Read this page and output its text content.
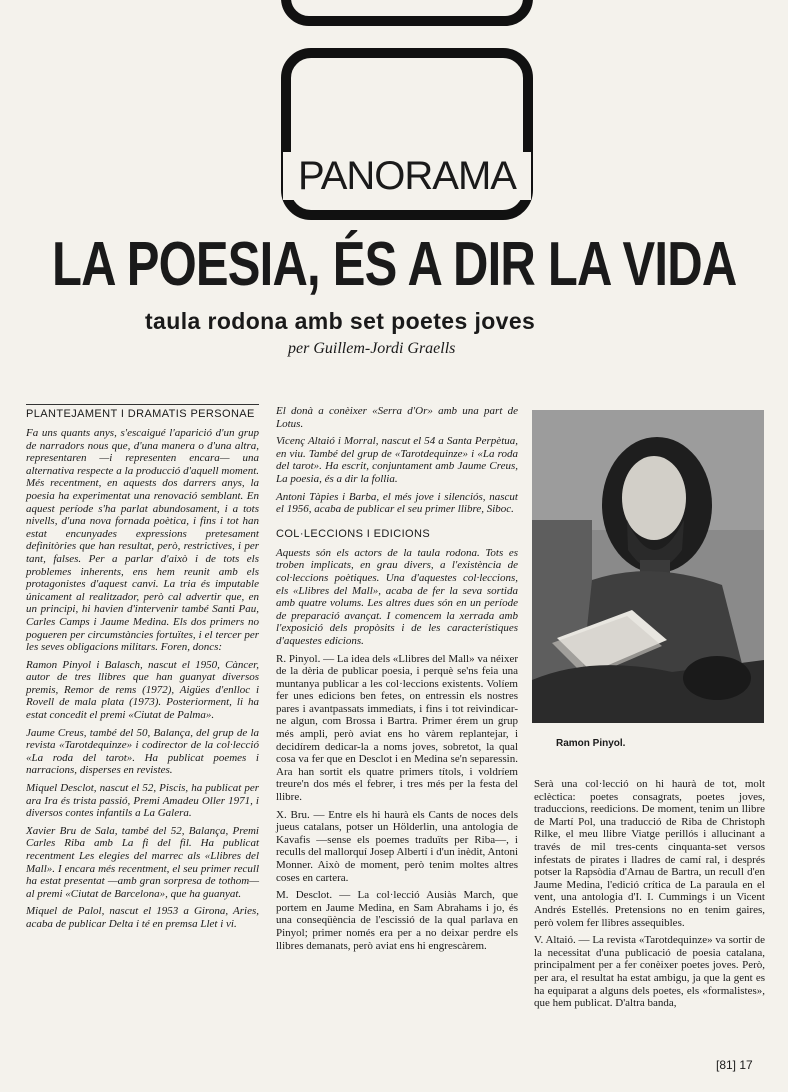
PANORAMA
LA POESIA, ÉS A DIR LA VIDA
taula rodona amb set poetes joves
per Guillem-Jordi Graells
PLANTEJAMENT I DRAMATIS PERSONAE

Fa uns quants anys, s'escaigué l'aparició d'un grup de narradors nous que, d'una manera o d'una altra, representaren —i representen encara— una alternativa respecte a la producció d'aquell moment. Més recentment, en aquests dos darrers anys, la poesia ha experimentat una renovació semblant. En aquest període s'ha parlat abundosament, i a tots nivells, d'una nova fornada poètica, i fins i tot han estat encunyades expressions pretesament definitòries que han resultat, però, restrictives, i per tant, falses. Per a parlar d'això i de tots els problemes inherents, ens hem reunit amb els protagonistes d'aquest canvi. La tria és imputable únicament al realitzador, però cal advertir que, en un principi, hi havien d'intervenir també Santi Pau, Carles Camps i Jaume Medina. Els dos primers no pogueren per circumstàncies fortuïtes, i el tercer per les seves obligacions militars. Foren, doncs:

Ramon Pinyol i Balasch, nascut el 1950, Càncer, autor de tres llibres que han guanyat diversos premis, Remor de rems (1972), Aigües d'enlloc i Rovell de mala plata (1973). Posteriorment, li ha estat concedit el premi «Ciutat de Palma».

Jaume Creus, també del 50, Balança, del grup de la revista «Tarotdequinze» i codirector de la col·lecció «La roda del tarot». Ha publicat poemes i narracions, disperses en revistes.

Miquel Desclot, nascut el 52, Piscis, ha publicat per ara Ira és trista passió, Premi Amadeu Oller 1971, i diversos contes infantils a La Galera.

Xavier Bru de Sala, també del 52, Balança, Premi Carles Riba amb La fi del fil. Ha publicat recentment Les elegies del marrec als «Llibres del Mall». I encara més recentment, el seu primer recull ha estat presentat —amb gran sorpresa de tothom— al premi «Ciutat de Barcelona», que ha guanyat.

Miquel de Palol, nascut el 1953 a Girona, Aries, acaba de publicar Delta i té en premsa Llet i vi.

El donà a conèixer «Serra d'Or» amb una part de Lotus.

Vicenç Altaió i Morral, nascut el 54 a Santa Perpètua, en viu. També del grup de «Tarotdequinze» i «La roda del tarot». Ha escrit, conjuntament amb Jaume Creus, La poesia, és a dir la follia.

Antoni Tàpies i Barba, el més jove i silenciós, nascut el 1956, acaba de publicar el seu primer llibre, Siboc.

COL·LECCIONS I EDICIONS

Aquests són els actors de la taula rodona. Tots es troben implicats, en grau divers, a l'existència de col·leccions poètiques. Una d'aquestes col·leccions, els «Llibres del Mall», acaba de fer la seva sortida amb quatre volums. Les altres dues són en un període de preparació avançat. I comencem la xerrada amb l'exposició dels propòsits i de les característiques d'aquestes edicions.

R. Pinyol. — La idea dels «Llibres del Mall» va néixer de la dèria de publicar poesia, i perquè se'ns feia una muntanya publicar a les col·leccions existents. Volíem fer unes edicions ben fetes, on entressin els nostres pares i avantpassats immediats, i fins i tot reivindicar-ne algun, com Brossa i Bartra. Primer érem un grup més ampli, però aviat ens ho vàrem replantejar, i decidírem dedicar-la a noms joves, sobretot, la qual cosa va fer que en Desclot i en Medina se'n separessin. Ara han sortit els quatre primers títols, i voldríem treure'n dos més el febrer, i tres més per la festa del llibre.

X. Bru. — Entre els hi haurà els Cants de noces dels jueus catalans, potser un Hölderlin, una antologia de Kavafis —sense els poemes traduïts per Riba—, i reculls del mallorquí Josep Albertí i d'un inèdit, Antoni Monner. Això de moment, però tenim moltes altres coses en cartera.

M. Desclot. — La col·lecció Ausiàs March, que portem en Jaume Medina, en Sam Abrahams i jo, és una conseqüència de l'escissió de la qual parlava en Pinyol; primer només era per a no deixar perdre els llibres demanats, però aviat ens hi engrescàrem.

Ramon Pinyol.

Serà una col·lecció on hi haurà de tot, molt eclèctica: poetes consagrats, poetes joves, traduccions, reedicions. De moment, tenim un llibre de Martí Pol, una traducció de Riba de Christoph Rilke, el meu llibre Viatge perillós i allucinant a través de mil tres-cents cinquanta-set versos infestats de pirates i lladres de camí ral, i després potser la Rapsòdia d'Arnau de Bartra, un recull d'en Jaume Medina, l'edició crítica de La paraula en el vent, una antologia d'I. I. Cummings i un Vicent Andrés Estellés. Pretensions no en tenim gaires, però volem fer llibres assequibles.

V. Altaió. — La revista «Tarotdequinze» va sortir de la necessitat d'una publicació de poesia catalana, principalment per a fer conèixer poetes joves. Però, per ara, el resultat ha estat ambigu, ja que la gent es ha equiparat a alguns dels poetes, els «formalistes», que hem publicat. D'altra banda,

[81] 17
